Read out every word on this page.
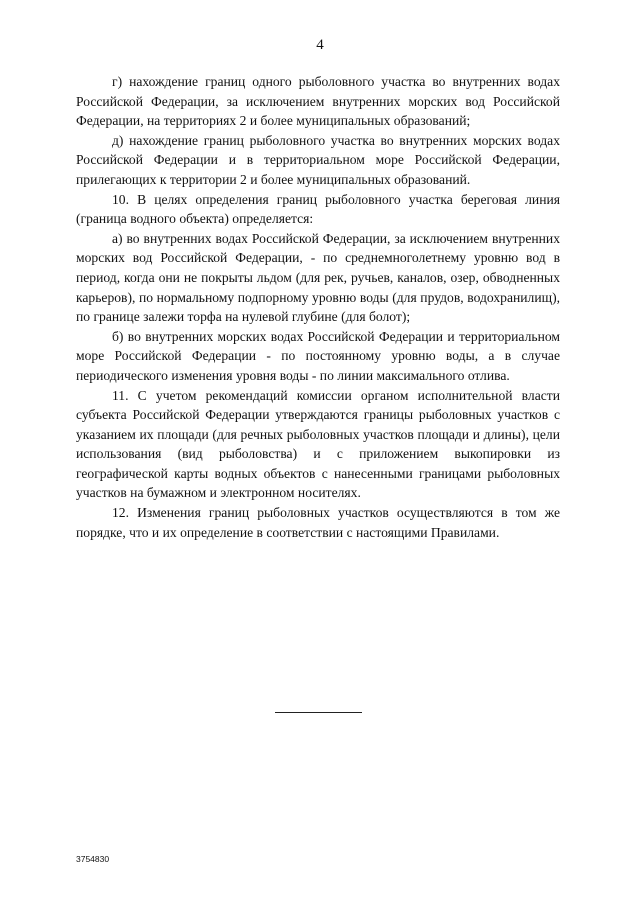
4

г) нахождение границ одного рыболовного участка во внутренних водах Российской Федерации, за исключением внутренних морских вод Российской Федерации, на территориях 2 и более муниципальных образований;

д) нахождение границ рыболовного участка во внутренних морских водах Российской Федерации и в территориальном море Российской Федерации, прилегающих к территории 2 и более муниципальных образований.

10. В целях определения границ рыболовного участка береговая линия (граница водного объекта) определяется:

а) во внутренних водах Российской Федерации, за исключением внутренних морских вод Российской Федерации, - по среднемноголетнему уровню вод в период, когда они не покрыты льдом (для рек, ручьев, каналов, озер, обводненных карьеров), по нормальному подпорному уровню воды (для прудов, водохранилищ), по границе залежи торфа на нулевой глубине (для болот);

б) во внутренних морских водах Российской Федерации и территориальном море Российской Федерации - по постоянному уровню воды, а в случае периодического изменения уровня воды - по линии максимального отлива.

11. С учетом рекомендаций комиссии органом исполнительной власти субъекта Российской Федерации утверждаются границы рыболовных участков с указанием их площади (для речных рыболовных участков площади и длины), цели использования (вид рыболовства) и с приложением выкопировки из географической карты водных объектов с нанесенными границами рыболовных участков на бумажном и электронном носителях.

12. Изменения границ рыболовных участков осуществляются в том же порядке, что и их определение в соответствии с настоящими Правилами.

3754830
